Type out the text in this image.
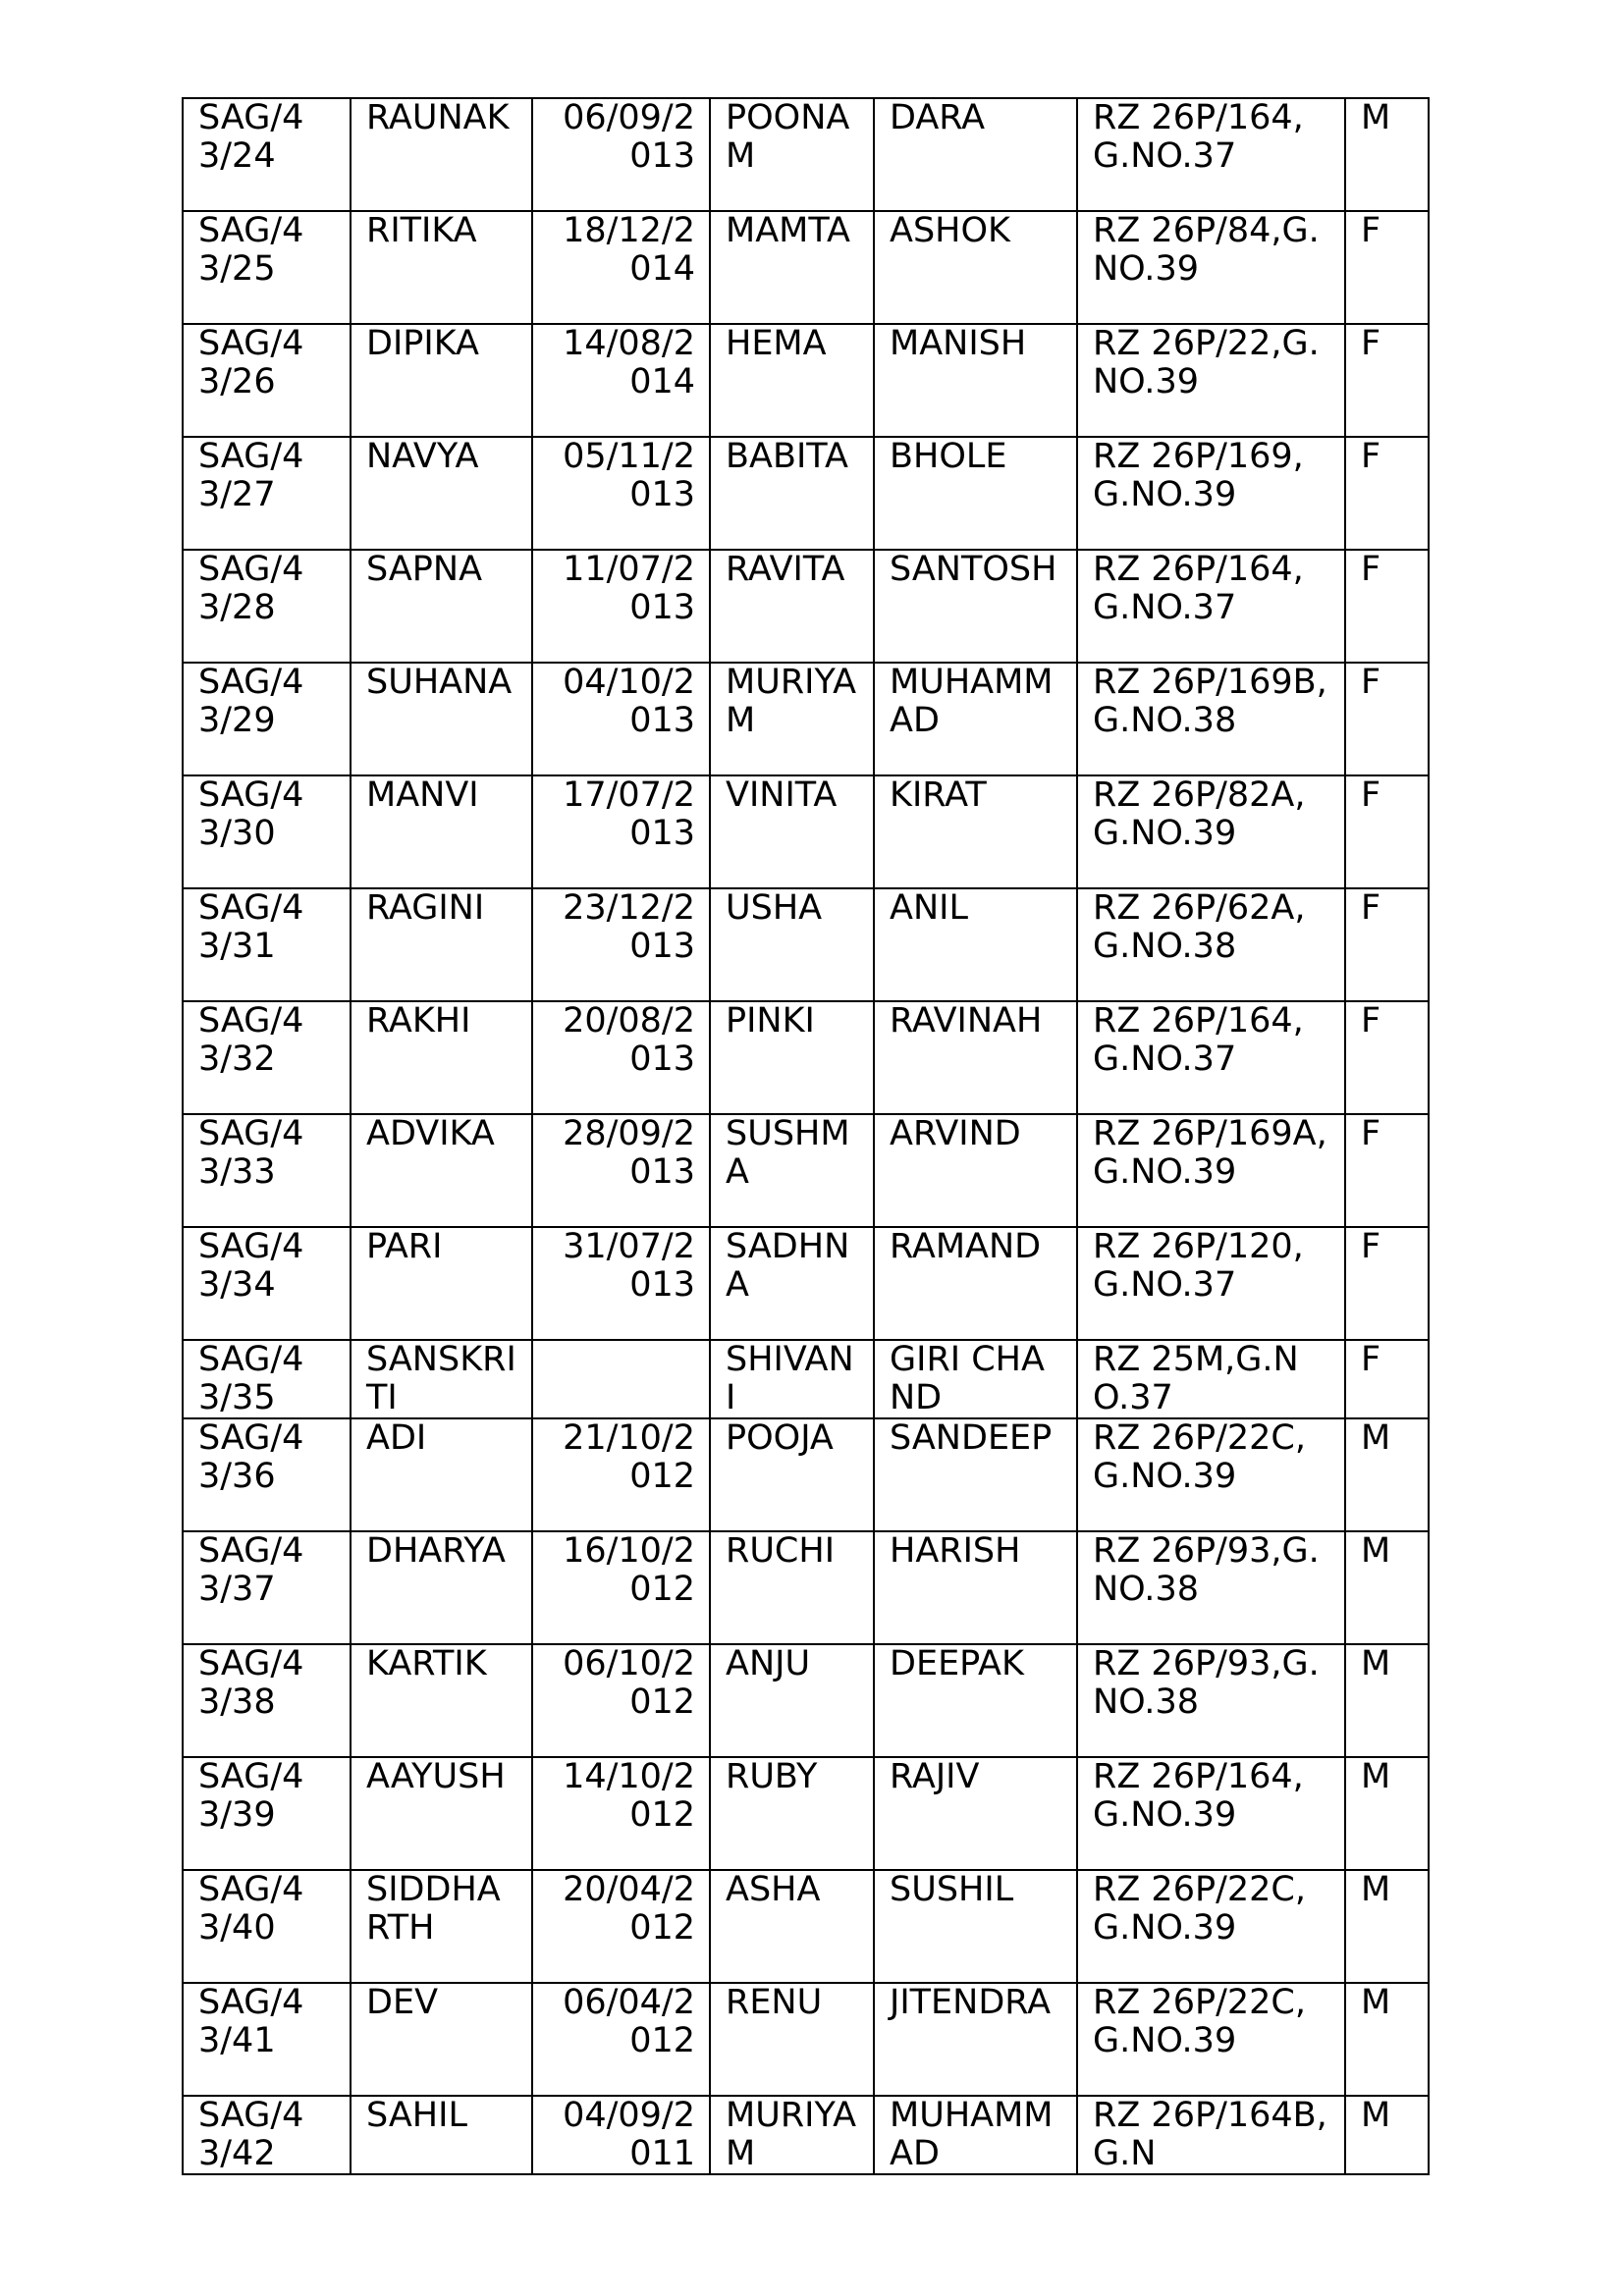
SAG/43/24	RAUNAK	06/09/2013	POONAM	DARA	RZ 26P/164,G.NO.37	M
SAG/43/25	RITIKA	18/12/2014	MAMTA	ASHOK	RZ 26P/84,G.NO.39	F
SAG/43/26	DIPIKA	14/08/2014	HEMA	MANISH	RZ 26P/22,G.NO.39	F
SAG/43/27	NAVYA	05/11/2013	BABITA	BHOLE	RZ 26P/169,G.NO.39	F
SAG/43/28	SAPNA	11/07/2013	RAVITA	SANTOSH	RZ 26P/164,G.NO.37	F
SAG/43/29	SUHANA	04/10/2013	MURIYAM	MUHAMMAD	RZ 26P/169B,G.NO.38	F
SAG/43/30	MANVI	17/07/2013	VINITA	KIRAT	RZ 26P/82A,G.NO.39	F
SAG/43/31	RAGINI	23/12/2013	USHA	ANIL	RZ 26P/62A,G.NO.38	F
SAG/43/32	RAKHI	20/08/2013	PINKI	RAVINAH	RZ 26P/164,G.NO.37	F
SAG/43/33	ADVIKA	28/09/2013	SUSHMA	ARVIND	RZ 26P/169A,G.NO.39	F
SAG/43/34	PARI	31/07/2013	SADHNA	RAMAND	RZ 26P/120,G.NO.37	F
SAG/43/35	SANSKRITI		SHIVANI	GIRI CHAND	RZ 25M,G.NO.37	F
SAG/43/36	ADI	21/10/2012	POOJA	SANDEEP	RZ 26P/22C,G.NO.39	M
SAG/43/37	DHARYA	16/10/2012	RUCHI	HARISH	RZ 26P/93,G.NO.38	M
SAG/43/38	KARTIK	06/10/2012	ANJU	DEEPAK	RZ 26P/93,G.NO.38	M
SAG/43/39	AAYUSH	14/10/2012	RUBY	RAJIV	RZ 26P/164,G.NO.39	M
SAG/43/40	SIDDHARTH	20/04/2012	ASHA	SUSHIL	RZ 26P/22C,G.NO.39	M
SAG/43/41	DEV	06/04/2012	RENU	JITENDRA	RZ 26P/22C,G.NO.39	M
SAG/43/42	SAHIL	04/09/2011	MURIYAM	MUHAMMAD	RZ 26P/164B,G.N	M
